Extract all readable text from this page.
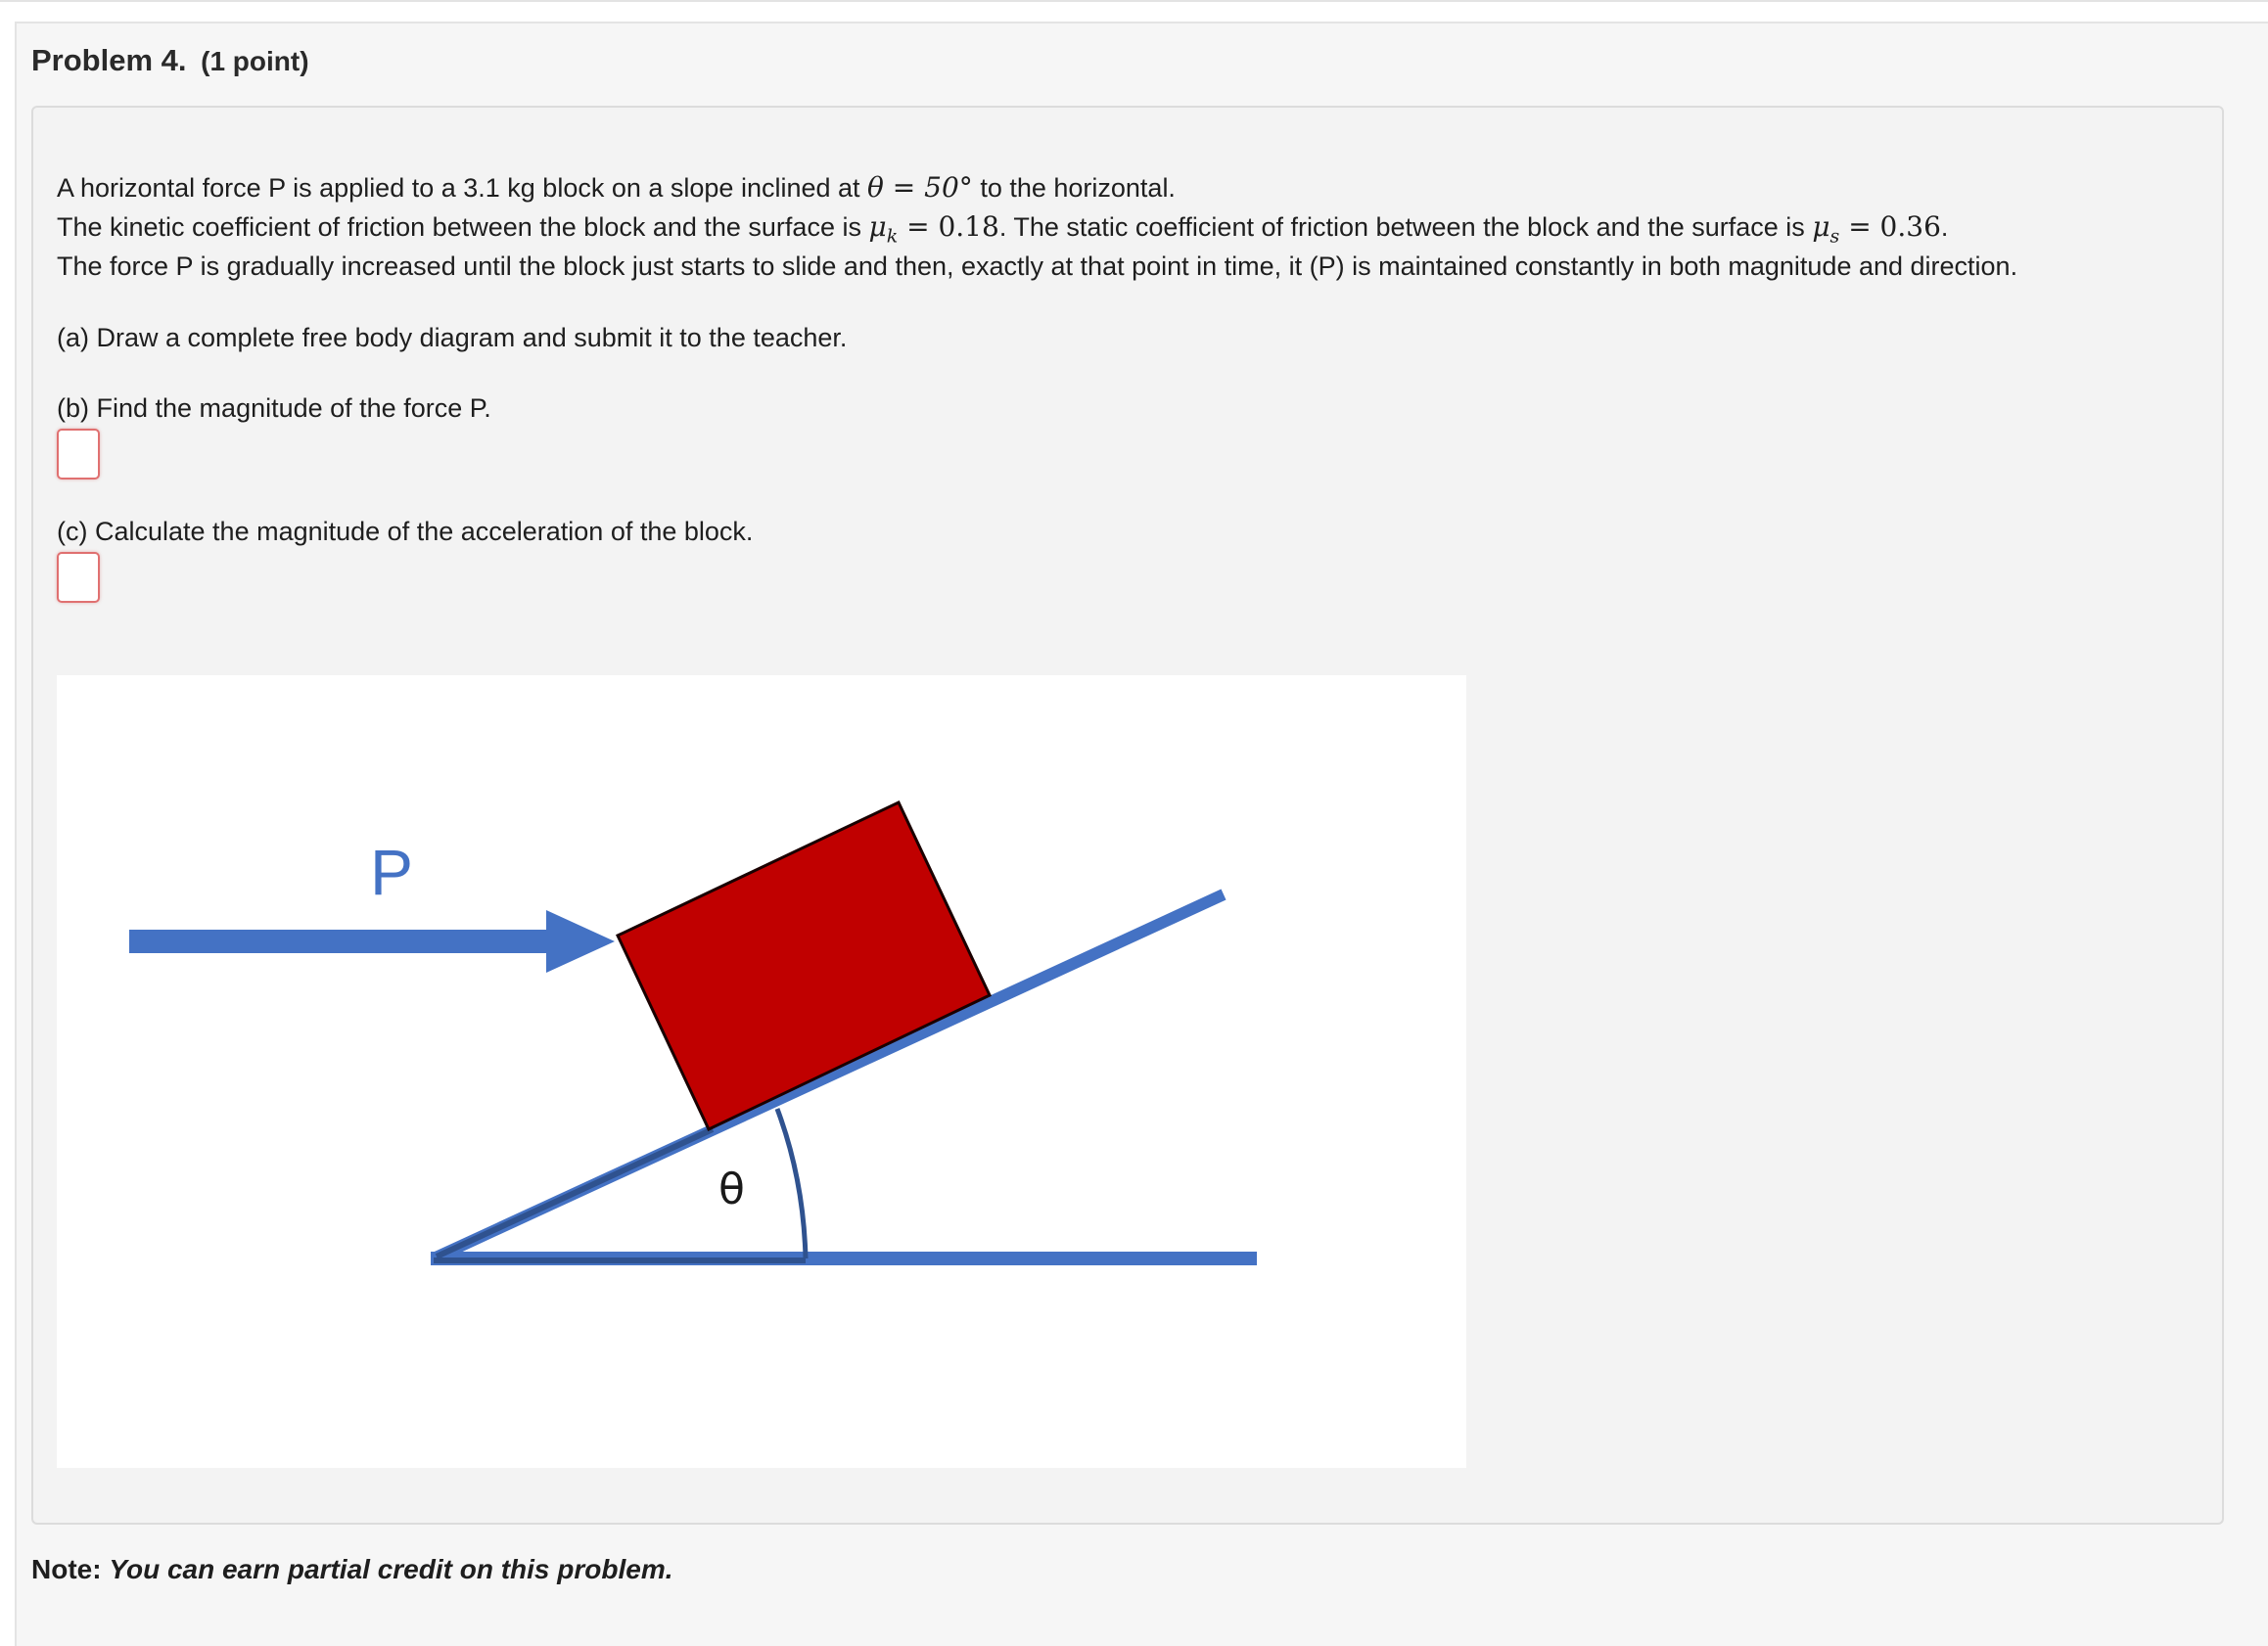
Problem 4. (1 point)
A horizontal force P is applied to a 3.1 kg block on a slope inclined at θ = 50° to the horizontal.
The kinetic coefficient of friction between the block and the surface is $\mu_k = 0.18$. The static coefficient of friction between the block and the surface is $\mu_s = 0.36$.
The force P is gradually increased until the block just starts to slide and then, exactly at that point in time, it (P) is maintained constantly in both magnitude and direction.
(a) Draw a complete free body diagram and submit it to the teacher.
(b) Find the magnitude of the force P.
(c) Calculate the magnitude of the acceleration of the block.
P
θ
Note: You can earn partial credit on this problem.
